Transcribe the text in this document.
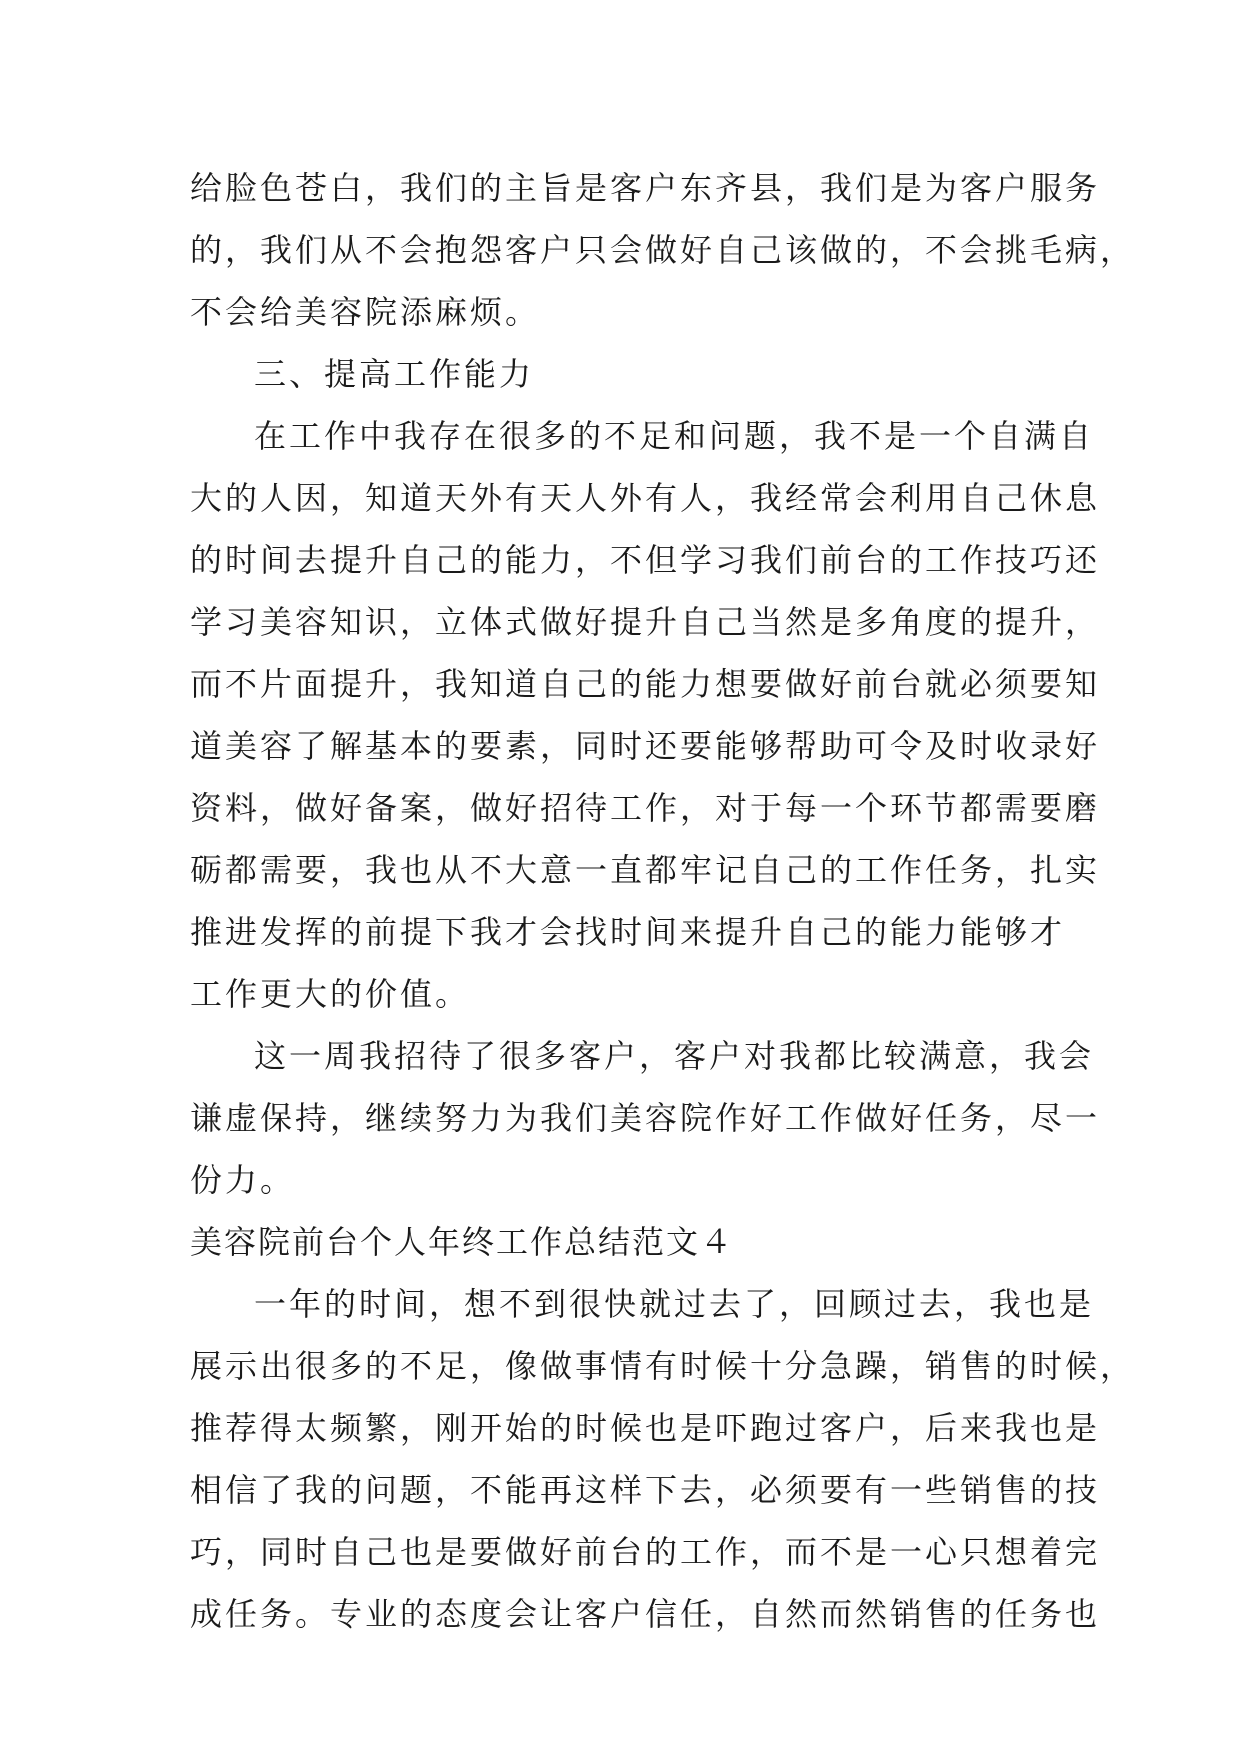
给脸色苍白，我们的主旨是客户东齐县，我们是为客户服务
的，我们从不会抱怨客户只会做好自己该做的，不会挑毛病，
不会给美容院添麻烦。
三、提高工作能力
在工作中我存在很多的不足和问题，我不是一个自满自
大的人因，知道天外有天人外有人，我经常会利用自己休息
的时间去提升自己的能力，不但学习我们前台的工作技巧还
学习美容知识，立体式做好提升自己当然是多角度的提升，
而不片面提升，我知道自己的能力想要做好前台就必须要知
道美容了解基本的要素，同时还要能够帮助可令及时收录好
资料，做好备案，做好招待工作，对于每一个环节都需要磨
砺都需要，我也从不大意一直都牢记自己的工作任务，扎实
推进发挥的前提下我才会找时间来提升自己的能力能够才
工作更大的价值。
这一周我招待了很多客户，客户对我都比较满意，我会
谦虚保持，继续努力为我们美容院作好工作做好任务，尽一
份力。
美容院前台个人年终工作总结范文４
一年的时间，想不到很快就过去了，回顾过去，我也是
展示出很多的不足，像做事情有时候十分急躁，销售的时候，
推荐得太频繁，刚开始的时候也是吓跑过客户，后来我也是
相信了我的问题，不能再这样下去，必须要有一些销售的技
巧，同时自己也是要做好前台的工作，而不是一心只想着完
成任务。专业的态度会让客户信任，自然而然销售的任务也
